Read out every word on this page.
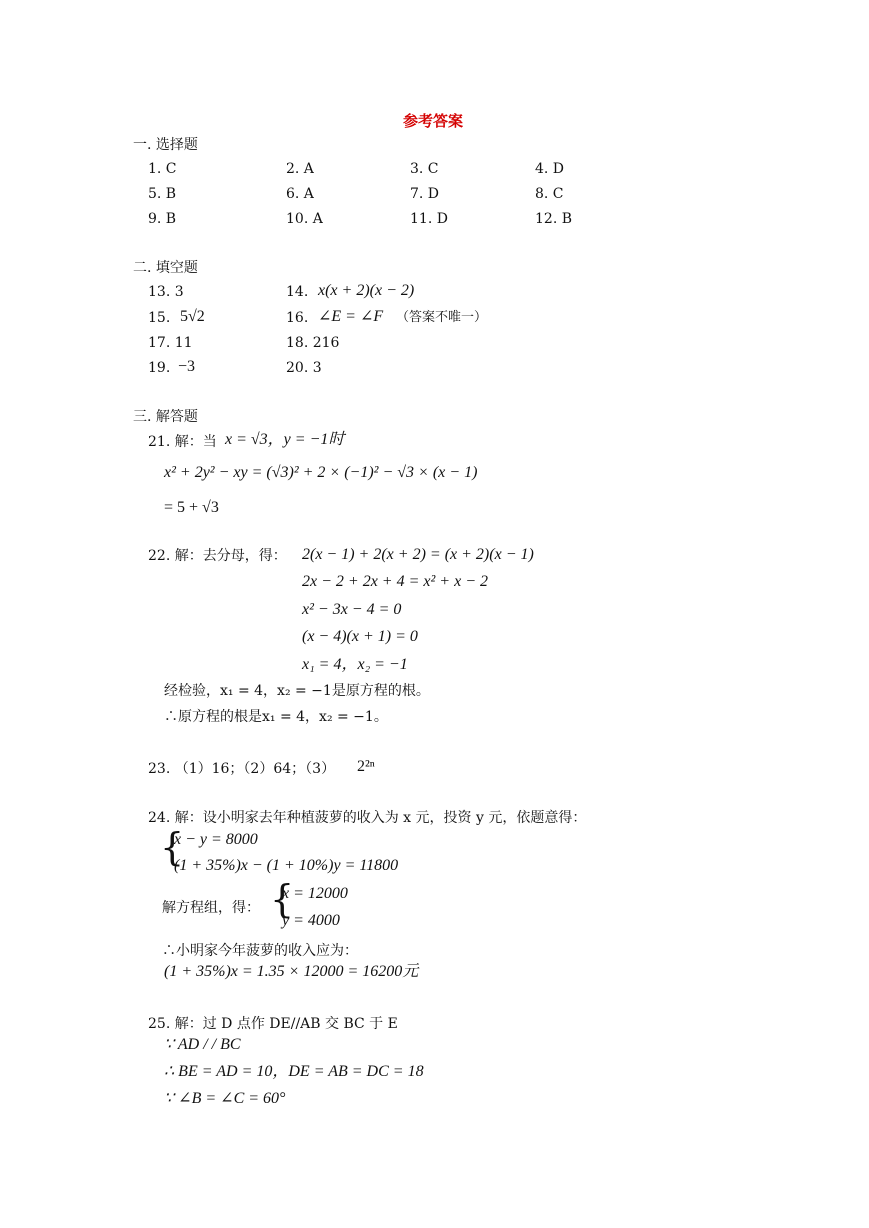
参考答案
一. 选择题
1. C	2. A	3. C	4. D
5. B	6. A	7. D	8. C
9. B	10. A	11. D	12. B
二. 填空题
13. 3	14. x(x + 2)(x − 2)
15. 5√2	16. ∠E = ∠F （答案不唯一）
17. 11	18. 216
19. −3	20. 3
三. 解答题
21. 解：当 x = √3，y = −1时
x² + 2y² − xy = (√3)² + 2 × (−1)² − √3 × (x − 1)
= 5 + √3
22. 解：去分母，得： 2(x − 1) + 2(x + 2) = (x + 2)(x − 1)
2x − 2 + 2x + 4 = x² + x − 2
x² − 3x − 4 = 0
(x − 4)(x + 1) = 0
x₁ = 4，x₂ = −1
经检验，x₁ = 4，x₂ = −1是原方程的根。
∴原方程的根是x₁ = 4，x₂ = −1。
23. （1）16；（2）64；（3） 2²ⁿ
24. 解：设小明家去年种植菠萝的收入为 x 元，投资 y 元，依题意得：
{
x − y = 8000
(1 + 35%)x − (1 + 10%)y = 11800
解方程组，得： {
x = 12000
y = 4000
∴小明家今年菠萝的收入应为：
(1 + 35%)x = 1.35 × 12000 = 16200元
25. 解：过 D 点作 DE//AB 交 BC 于 E
∵ AD / / BC
∴ BE = AD = 10，DE = AB = DC = 18
∵ ∠B = ∠C = 60°
